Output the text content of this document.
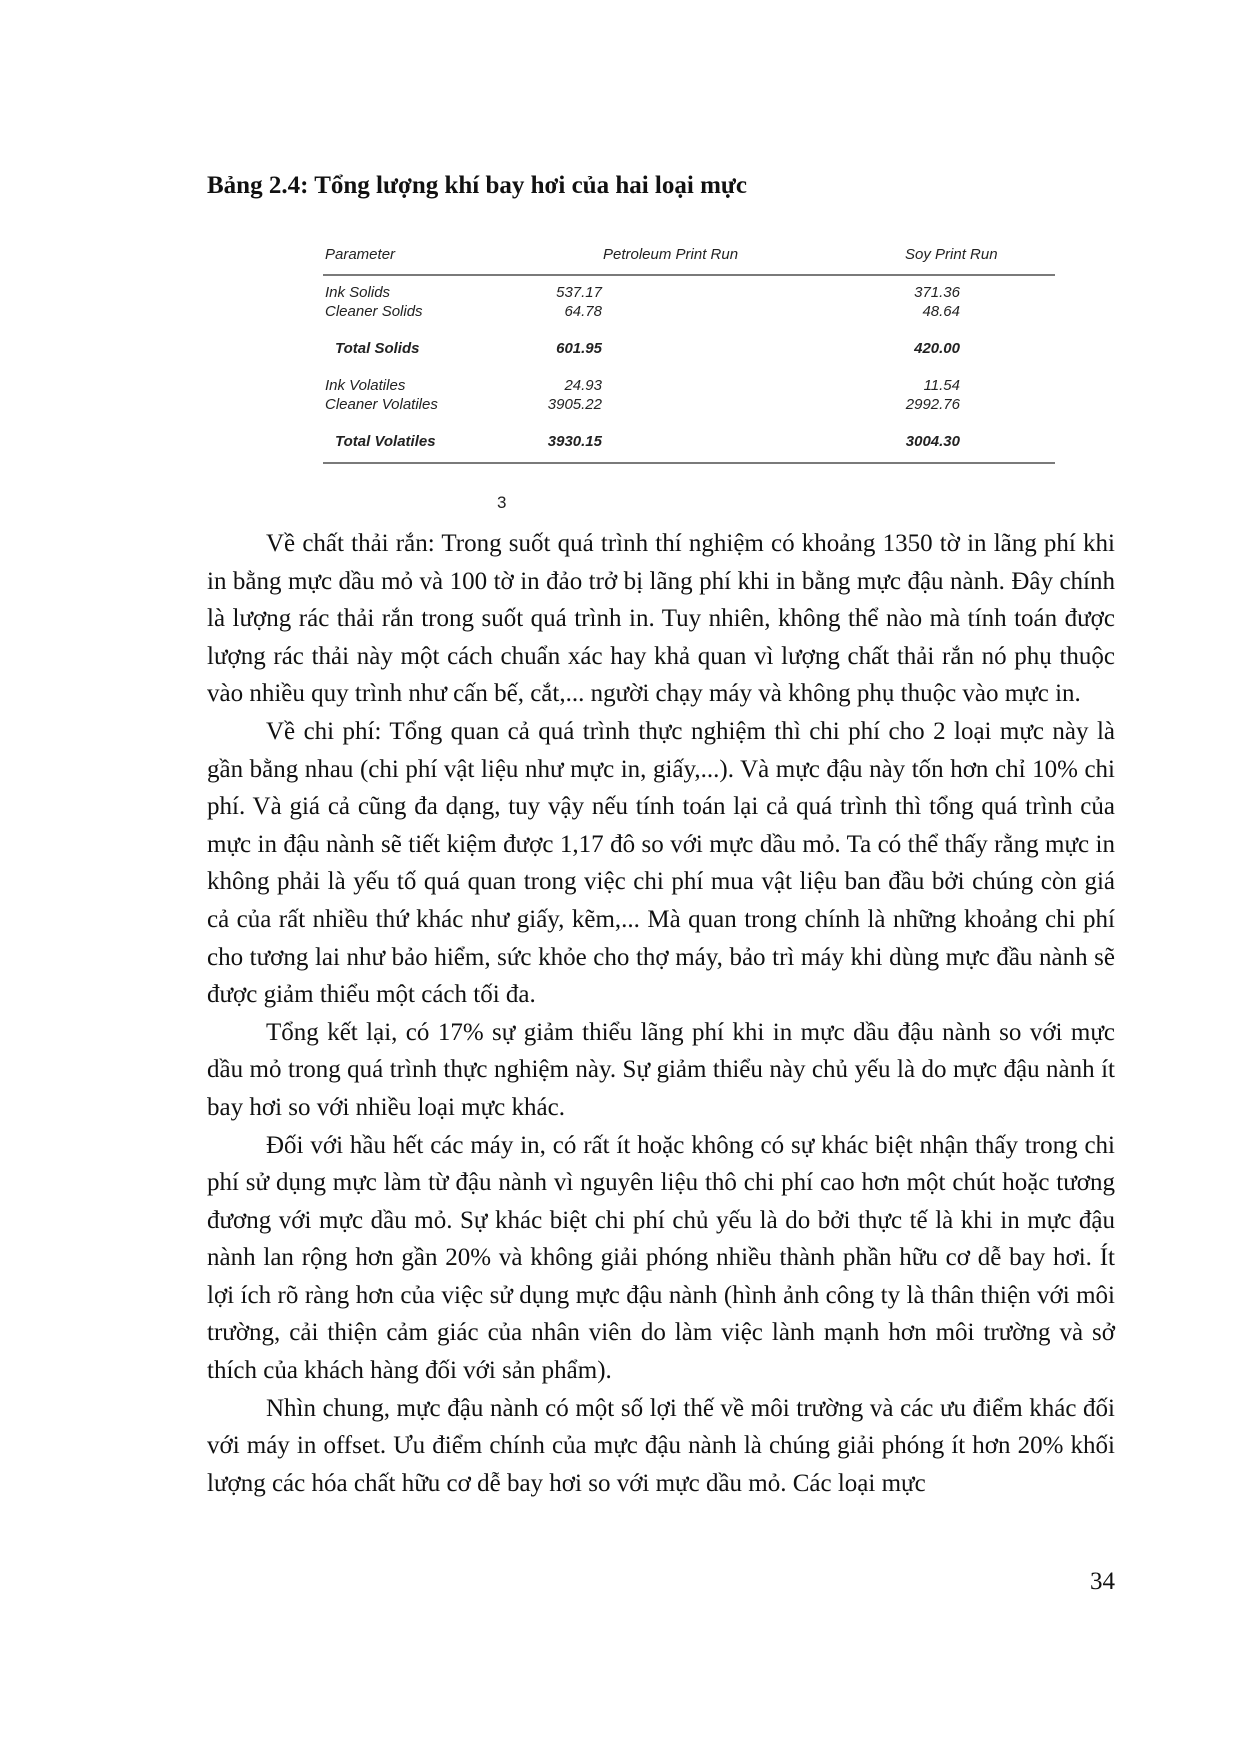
Bảng 2.4: Tổng lượng khí bay hơi của hai loại mực
Parameter	Petroleum Print Run	Soy Print Run
Ink Solids	537.17	371.36
Cleaner Solids	64.78	48.64
Total Solids	601.95	420.00
Ink Volatiles	24.93	11.54
Cleaner Volatiles	3905.22	2992.76
Total Volatiles	3930.15	3004.30
3

Về chất thải rắn: Trong suốt quá trình thí nghiệm có khoảng 1350 tờ in lãng phí khi in bằng mực dầu mỏ và 100 tờ in đảo trở bị lãng phí khi in bằng mực đậu nành. Đây chính là lượng rác thải rắn trong suốt quá trình in. Tuy nhiên, không thể nào mà tính toán được lượng rác thải này một cách chuẩn xác hay khả quan vì lượng chất thải rắn nó phụ thuộc vào nhiều quy trình như cấn bế, cắt,... người chạy máy và không phụ thuộc vào mực in.

Về chi phí: Tổng quan cả quá trình thực nghiệm thì chi phí cho 2 loại mực này là gần bằng nhau (chi phí vật liệu như mực in, giấy,...). Và mực đậu này tốn hơn chỉ 10% chi phí. Và giá cả cũng đa dạng, tuy vậy nếu tính toán lại cả quá trình thì tổng quá trình của mực in đậu nành sẽ tiết kiệm được 1,17 đô so với mực dầu mỏ. Ta có thể thấy rằng mực in không phải là yếu tố quá quan trong việc chi phí mua vật liệu ban đầu bởi chúng còn giá cả của rất nhiều thứ khác như giấy, kẽm,... Mà quan trong chính là những khoảng chi phí cho tương lai như bảo hiểm, sức khỏe cho thợ máy, bảo trì máy khi dùng mực đầu nành sẽ được giảm thiểu một cách tối đa.

Tổng kết lại, có 17% sự giảm thiểu lãng phí khi in mực dầu đậu nành so với mực dầu mỏ trong quá trình thực nghiệm này. Sự giảm thiểu này chủ yếu là do mực đậu nành ít bay hơi so với nhiều loại mực khác.

Đối với hầu hết các máy in, có rất ít hoặc không có sự khác biệt nhận thấy trong chi phí sử dụng mực làm từ đậu nành vì nguyên liệu thô chi phí cao hơn một chút hoặc tương đương với mực dầu mỏ. Sự khác biệt chi phí chủ yếu là do bởi thực tế là khi in mực đậu nành lan rộng hơn gần 20% và không giải phóng nhiều thành phần hữu cơ dễ bay hơi. Ít lợi ích rõ ràng hơn của việc sử dụng mực đậu nành (hình ảnh công ty là thân thiện với môi trường, cải thiện cảm giác của nhân viên do làm việc lành mạnh hơn môi trường và sở thích của khách hàng đối với sản phẩm).

Nhìn chung, mực đậu nành có một số lợi thế về môi trường và các ưu điểm khác đối với máy in offset. Ưu điểm chính của mực đậu nành là chúng giải phóng ít hơn 20% khối lượng các hóa chất hữu cơ dễ bay hơi so với mực dầu mỏ. Các loại mực

34
